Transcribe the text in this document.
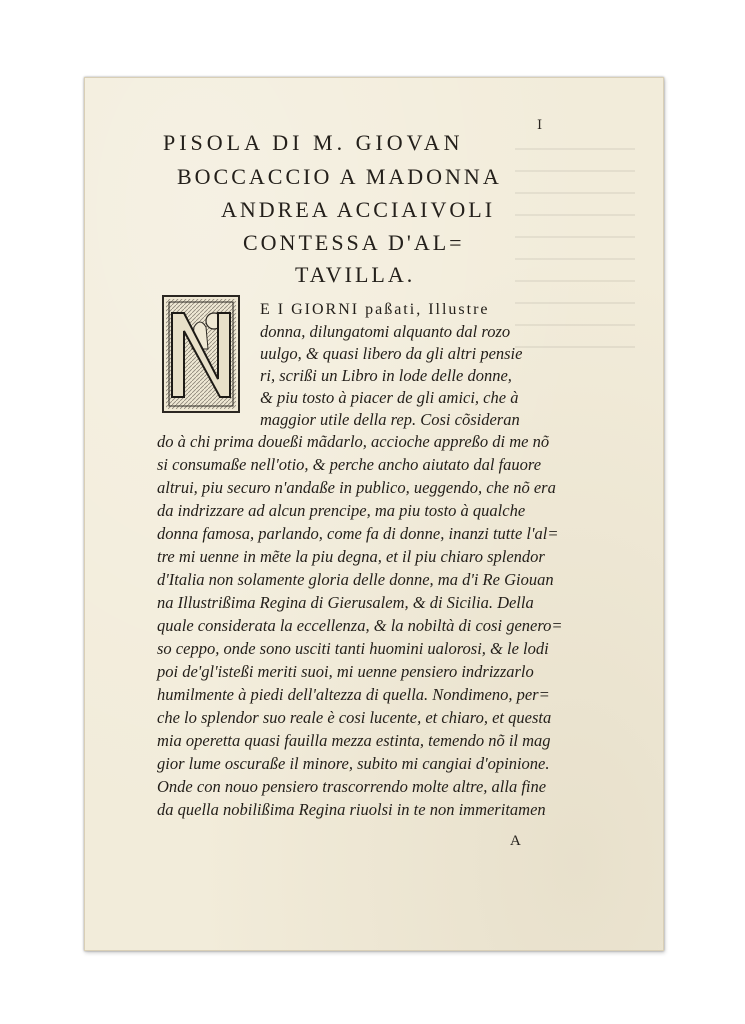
I
PISOLA DI M. GIOVAN
BOCCACCIO A MADONNA
ANDREA ACCIAIVOLI
CONTESSA D'AL=
TAVILLA.
E I GIORNI paßati, Illustre
donna, dilungatomi alquanto dal rozo
uulgo, & quasi libero da gli altri pensie
ri, scrißi un Libro in lode delle donne,
& piu tosto à piacer de gli amici, che à
maggior utile della rep. Cosi cõsideran
do à chi prima doueßi mãdarlo, accioche appreßo di me nõ
si consumaße nell'otio, & perche ancho aiutato dal fauore
altrui, piu securo n'andaße in publico, ueggendo, che nõ era
da indrizzare ad alcun prencipe, ma piu tosto à qualche
donna famosa, parlando, come fa di donne, inanzi tutte l'al=
tre mi uenne in mẽte la piu degna, et il piu chiaro splendor
d'Italia non solamente gloria delle donne, ma d'i Re Giouan
na Illustrißima Regina di Gierusalem, & di Sicilia. Della
quale considerata la eccellenza, & la nobiltà di cosi genero=
so ceppo, onde sono usciti tanti huomini ualorosi, & le lodi
poi de'gl'isteßi meriti suoi, mi uenne pensiero indrizzarlo
humilmente à piedi dell'altezza di quella. Nondimeno, per=
che lo splendor suo reale è cosi lucente, et chiaro, et questa
mia operetta quasi fauilla mezza estinta, temendo nõ il mag
gior lume oscuraße il minore, subito mi cangiai d'opinione.
Onde con nouo pensiero trascorrendo molte altre, alla fine
da quella nobilißima Regina riuolsi in te non immeritamen
A
